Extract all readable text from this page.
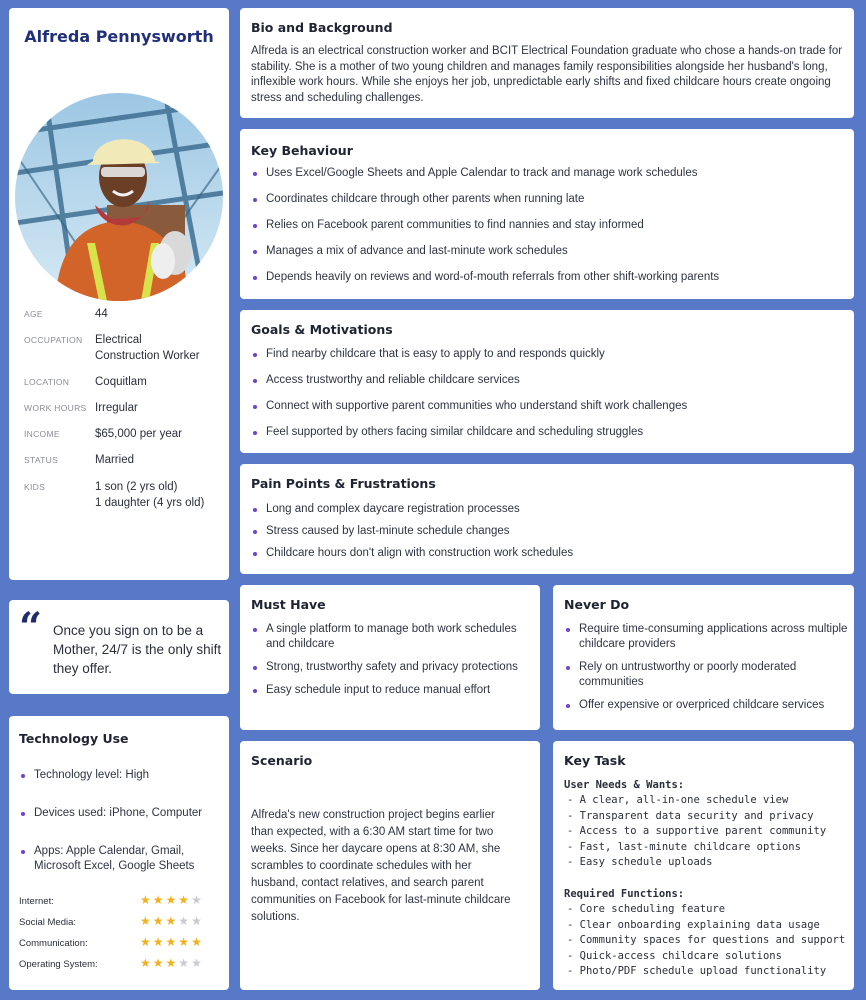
Alfreda Pennysworth
AGE	44
OCCUPATION Electrical
Construction Worker
LOCATION Coquitlam
WORK HOURS Irregular
INCOME	$65,000 per year
STATUS	Married
KIDS	1 son (2 yrs old)
1 daughter (4 yrs old)
“ Once you sign on to be a Mother, 24/7 is the only shift they offer.
Technology Use
Technology level: High
Devices used: iPhone, Computer
Apps: Apple Calendar, Gmail, Microsoft Excel, Google Sheets
Internet:	★★★★★
Social Media:	★★★★★
Communication:	★★★★★
Operating System:	★★★★★
Bio and Background
Alfreda is an electrical construction worker and BCIT Electrical Foundation graduate who chose a hands-on trade for stability. She is a mother of two young children and manages family responsibilities alongside her husband's long, inflexible work hours. While she enjoys her job, unpredictable early shifts and fixed childcare hours create ongoing stress and scheduling challenges.
Key Behaviour
Uses Excel/Google Sheets and Apple Calendar to track and manage work schedules
Coordinates childcare through other parents when running late
Relies on Facebook parent communities to find nannies and stay informed
Manages a mix of advance and last-minute work schedules
Depends heavily on reviews and word-of-mouth referrals from other shift-working parents
Goals & Motivations
Find nearby childcare that is easy to apply to and responds quickly
Access trustworthy and reliable childcare services
Connect with supportive parent communities who understand shift work challenges
Feel supported by others facing similar childcare and scheduling struggles
Pain Points & Frustrations
Long and complex daycare registration processes
Stress caused by last-minute schedule changes
Childcare hours don't align with construction work schedules
Must Have
A single platform to manage both work schedules and childcare
Strong, trustworthy safety and privacy protections
Easy schedule input to reduce manual effort
Never Do
Require time-consuming applications across multiple childcare providers
Rely on untrustworthy or poorly moderated communities
Offer expensive or overpriced childcare services
Scenario
Alfreda's new construction project begins earlier than expected, with a 6:30 AM start time for two weeks. Since her daycare opens at 8:30 AM, she scrambles to coordinate schedules with her husband, contact relatives, and search parent communities on Facebook for last-minute childcare solutions.
Key Task
User Needs & Wants:
- A clear, all-in-one schedule view
- Transparent data security and privacy
- Access to a supportive parent community
- Fast, last-minute childcare options
- Easy schedule uploads
Required Functions:
- Core scheduling feature
- Clear onboarding explaining data usage
- Community spaces for questions and support
- Quick-access childcare solutions
- Photo/PDF schedule upload functionality
